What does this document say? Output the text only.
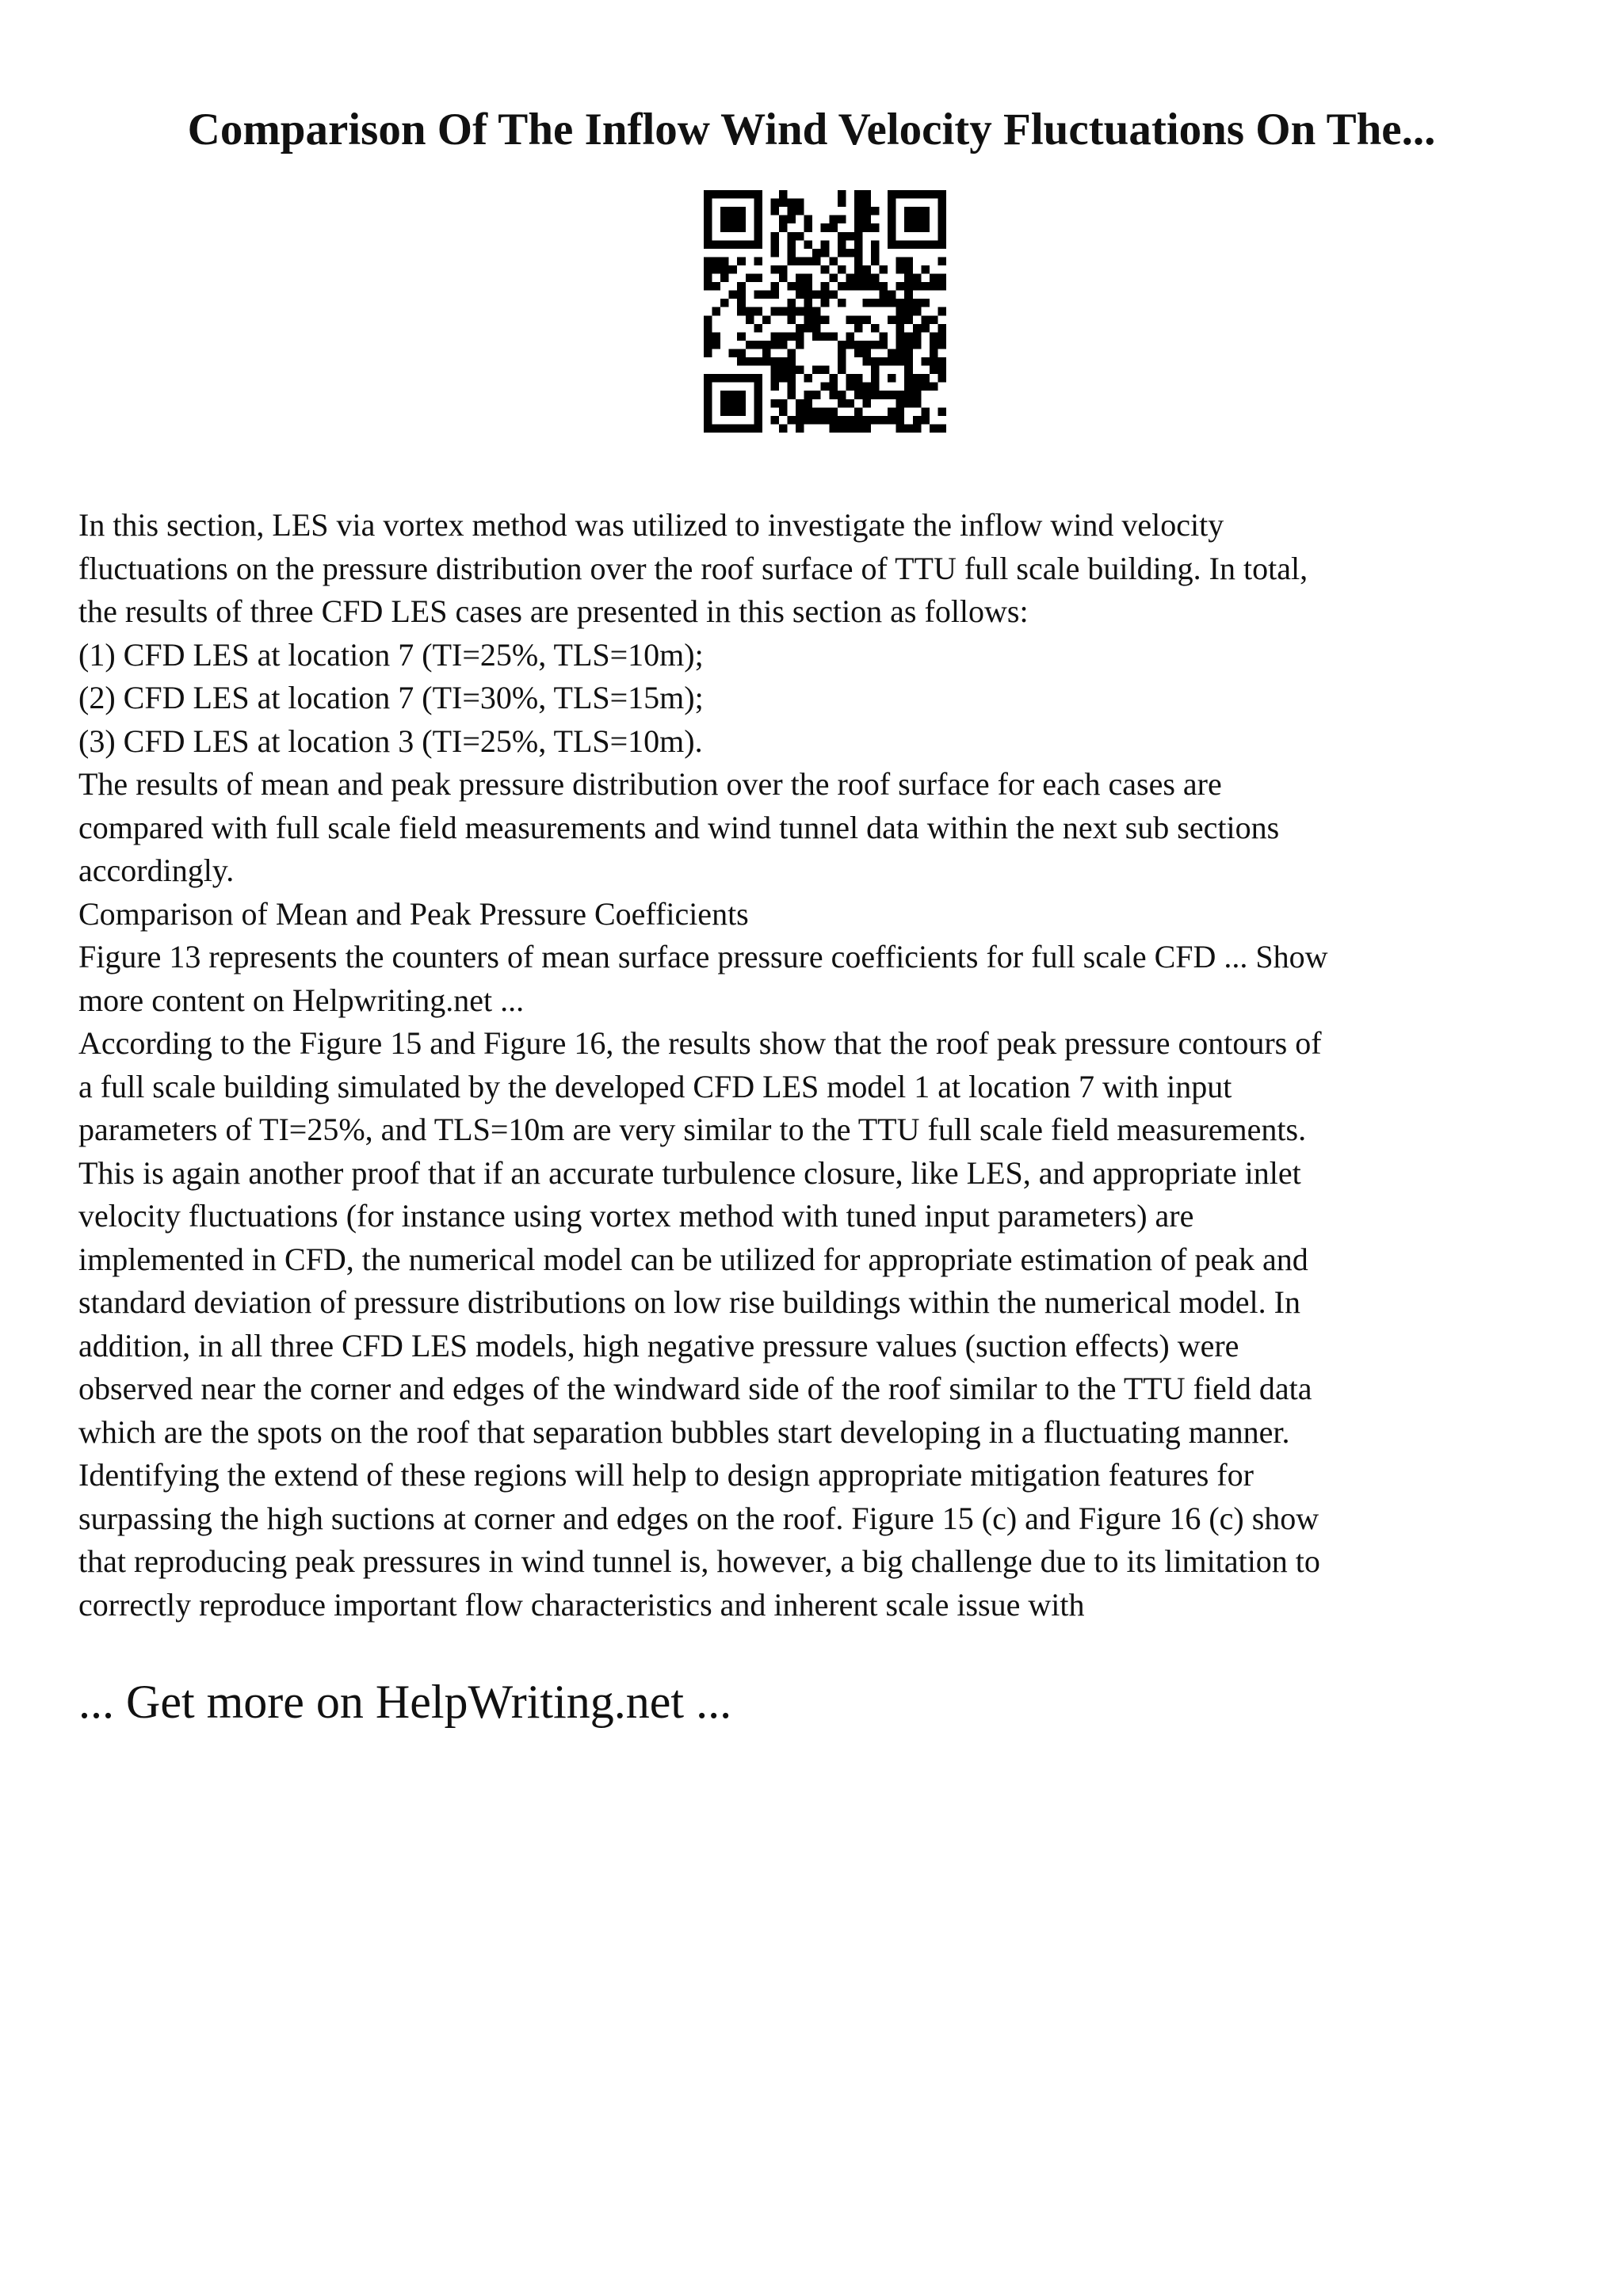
Comparison Of The Inflow Wind Velocity Fluctuations On The...
In this section, LES via vortex method was utilized to investigate the inflow wind velocity
fluctuations on the pressure distribution over the roof surface of TTU full scale building. In total,
the results of three CFD LES cases are presented in this section as follows:
(1) CFD LES at location 7 (TI=25%, TLS=10m);
(2) CFD LES at location 7 (TI=30%, TLS=15m);
(3) CFD LES at location 3 (TI=25%, TLS=10m).
The results of mean and peak pressure distribution over the roof surface for each cases are
compared with full scale field measurements and wind tunnel data within the next sub sections
accordingly.
Comparison of Mean and Peak Pressure Coefficients
Figure 13 represents the counters of mean surface pressure coefficients for full scale CFD ... Show
more content on Helpwriting.net ...
According to the Figure 15 and Figure 16, the results show that the roof peak pressure contours of
a full scale building simulated by the developed CFD LES model 1 at location 7 with input
parameters of TI=25%, and TLS=10m are very similar to the TTU full scale field measurements.
This is again another proof that if an accurate turbulence closure, like LES, and appropriate inlet
velocity fluctuations (for instance using vortex method with tuned input parameters) are
implemented in CFD, the numerical model can be utilized for appropriate estimation of peak and
standard deviation of pressure distributions on low rise buildings within the numerical model. In
addition, in all three CFD LES models, high negative pressure values (suction effects) were
observed near the corner and edges of the windward side of the roof similar to the TTU field data
which are the spots on the roof that separation bubbles start developing in a fluctuating manner.
Identifying the extend of these regions will help to design appropriate mitigation features for
surpassing the high suctions at corner and edges on the roof. Figure 15 (c) and Figure 16 (c) show
that reproducing peak pressures in wind tunnel is, however, a big challenge due to its limitation to
correctly reproduce important flow characteristics and inherent scale issue with
... Get more on HelpWriting.net ...
